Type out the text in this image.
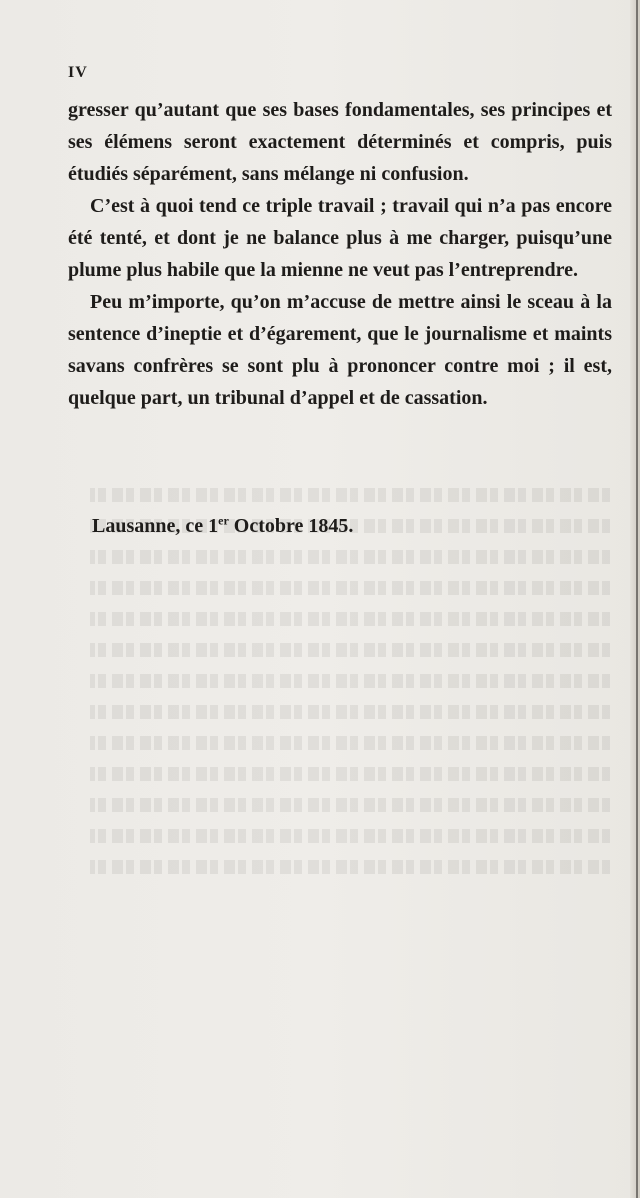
IV

gresser qu’autant que ses bases fondamentales, ses principes et ses élémens seront exactement déterminés et compris, puis étudiés séparément, sans mélange ni confusion.

C’est à quoi tend ce triple travail ; travail qui n’a pas encore été tenté, et dont je ne balance plus à me charger, puisqu’une plume plus habile que la mienne ne veut pas l’entreprendre.

Peu m’importe, qu’on m’accuse de mettre ainsi le sceau à la sentence d’ineptie et d’égarement, que le journalisme et maints savans confrères se sont plu à prononcer contre moi ; il est, quelque part, un tribunal d’appel et de cassation.

Lausanne, ce 1er Octobre 1845.
